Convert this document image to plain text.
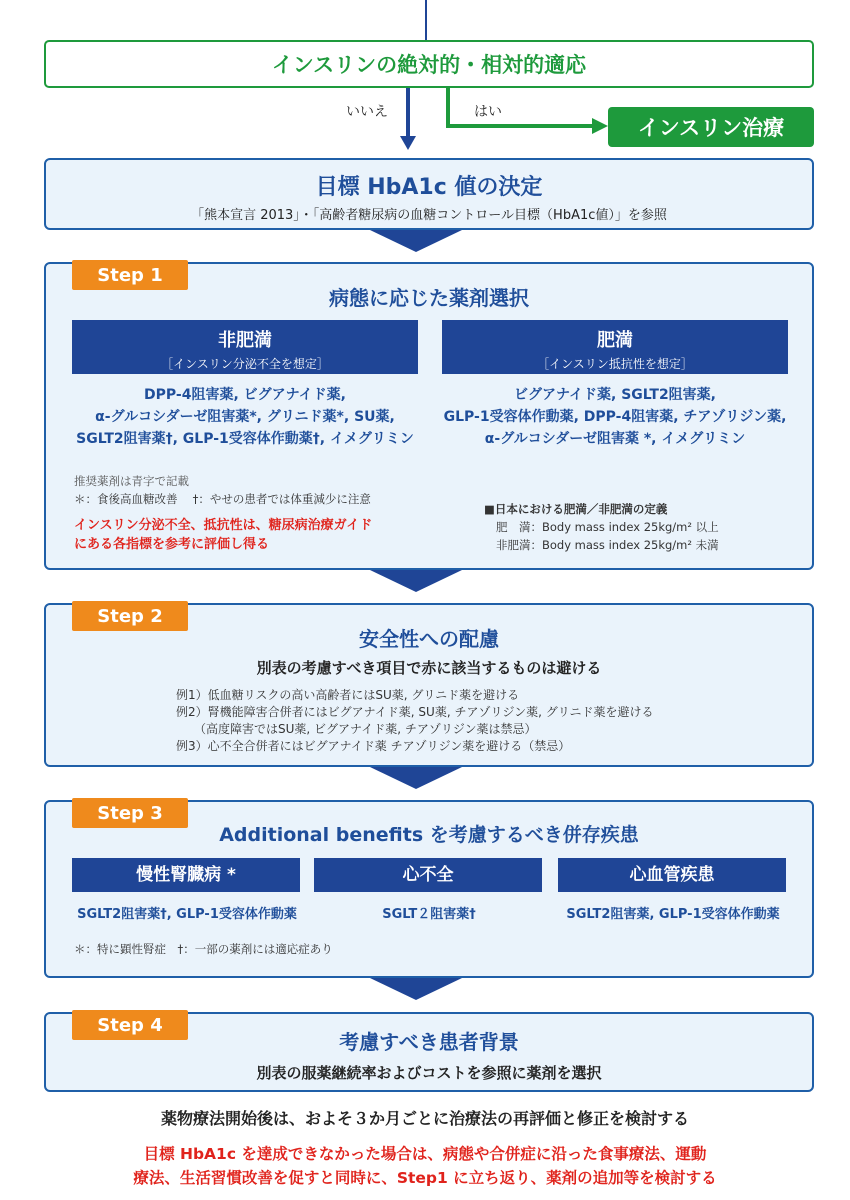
インスリンの絶対的・相対的適応
いいえ	はい
インスリン治療
目標 HbA1c 値の決定
「熊本宣言 2013」・「高齢者糖尿病の血糖コントロール目標（HbA1c値）」を参照
Step 1
病態に応じた薬剤選択
非肥満
［インスリン分泌不全を想定］
肥満
［インスリン抵抗性を想定］
DPP-4阻害薬, ビグアナイド薬,
α-グルコシダーゼ阻害薬*, グリニド薬*, SU薬,
SGLT2阻害薬†, GLP-1受容体作動薬†, イメグリミン
ビグアナイド薬, SGLT2阻害薬,
GLP-1受容体作動薬, DPP-4阻害薬, チアゾリジン薬,
α-グルコシダーゼ阻害薬 *, イメグリミン
推奨薬剤は青字で記載
＊：食後高血糖改善　 †：やせの患者では体重減少に注意
インスリン分泌不全、抵抗性は、糖尿病治療ガイド
にある各指標を参考に評価し得る
■日本における肥満／非肥満の定義
肥　満：Body mass index 25kg/m² 以上
非肥満：Body mass index 25kg/m² 未満
Step 2
安全性への配慮
別表の考慮すべき項目で赤に該当するものは避ける
例1）低血糖リスクの高い高齢者にはSU薬, グリニド薬を避ける
例2）腎機能障害合併者にはビグアナイド薬, SU薬, チアゾリジン薬, グリニド薬を避ける
　　（高度障害ではSU薬, ビグアナイド薬, チアゾリジン薬は禁忌）
例3）心不全合併者にはビグアナイド薬 チアゾリジン薬を避ける（禁忌）
Step 3
Additional benefits を考慮するべき併存疾患
慢性腎臓病 *	心不全	心血管疾患
SGLT2阻害薬†, GLP-1受容体作動薬	SGLT２阻害薬†	SGLT2阻害薬, GLP-1受容体作動薬
＊：特に顕性腎症　†：一部の薬剤には適応症あり
Step 4
考慮すべき患者背景
別表の服薬継続率およびコストを参照に薬剤を選択
薬物療法開始後は、およそ３か月ごとに治療法の再評価と修正を検討する
目標 HbA1c を達成できなかった場合は、病態や合併症に沿った食事療法、運動
療法、生活習慣改善を促すと同時に、Step1 に立ち返り、薬剤の追加等を検討する
